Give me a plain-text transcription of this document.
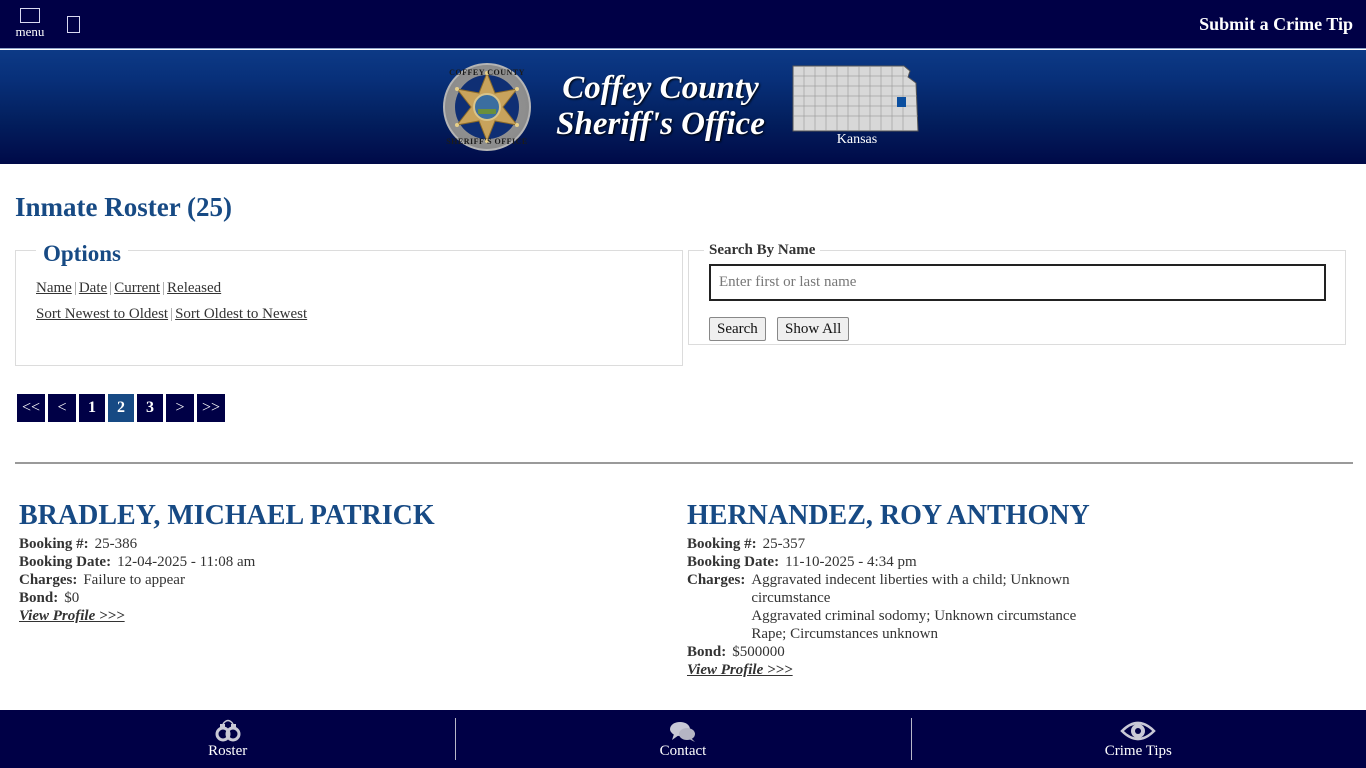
menu	Submit a Crime Tip
COFFEY COUNTY
SHERIFF'S OFFICE
Coffey County
Sheriff's Office	Kansas
Inmate Roster (25)
Options
Name | Date | Current | Released
Sort Newest to Oldest | Sort Oldest to Newest
Search By Name
Enter first or last name
Search	Show All
<<	<	1	2	3	>	>>
BRADLEY, MICHAEL PATRICK
Booking #: 25-386
Booking Date: 12-04-2025 - 11:08 am
Charges: Failure to appear
Bond: $0
View Profile >>>
HERNANDEZ, ROY ANTHONY
Booking #: 25-357
Booking Date: 11-10-2025 - 4:34 pm
Charges: Aggravated indecent liberties with a child; Unknown circumstance
Aggravated criminal sodomy; Unknown circumstance
Rape; Circumstances unknown
Bond: $500000
View Profile >>>
Roster	Contact	Crime Tips
